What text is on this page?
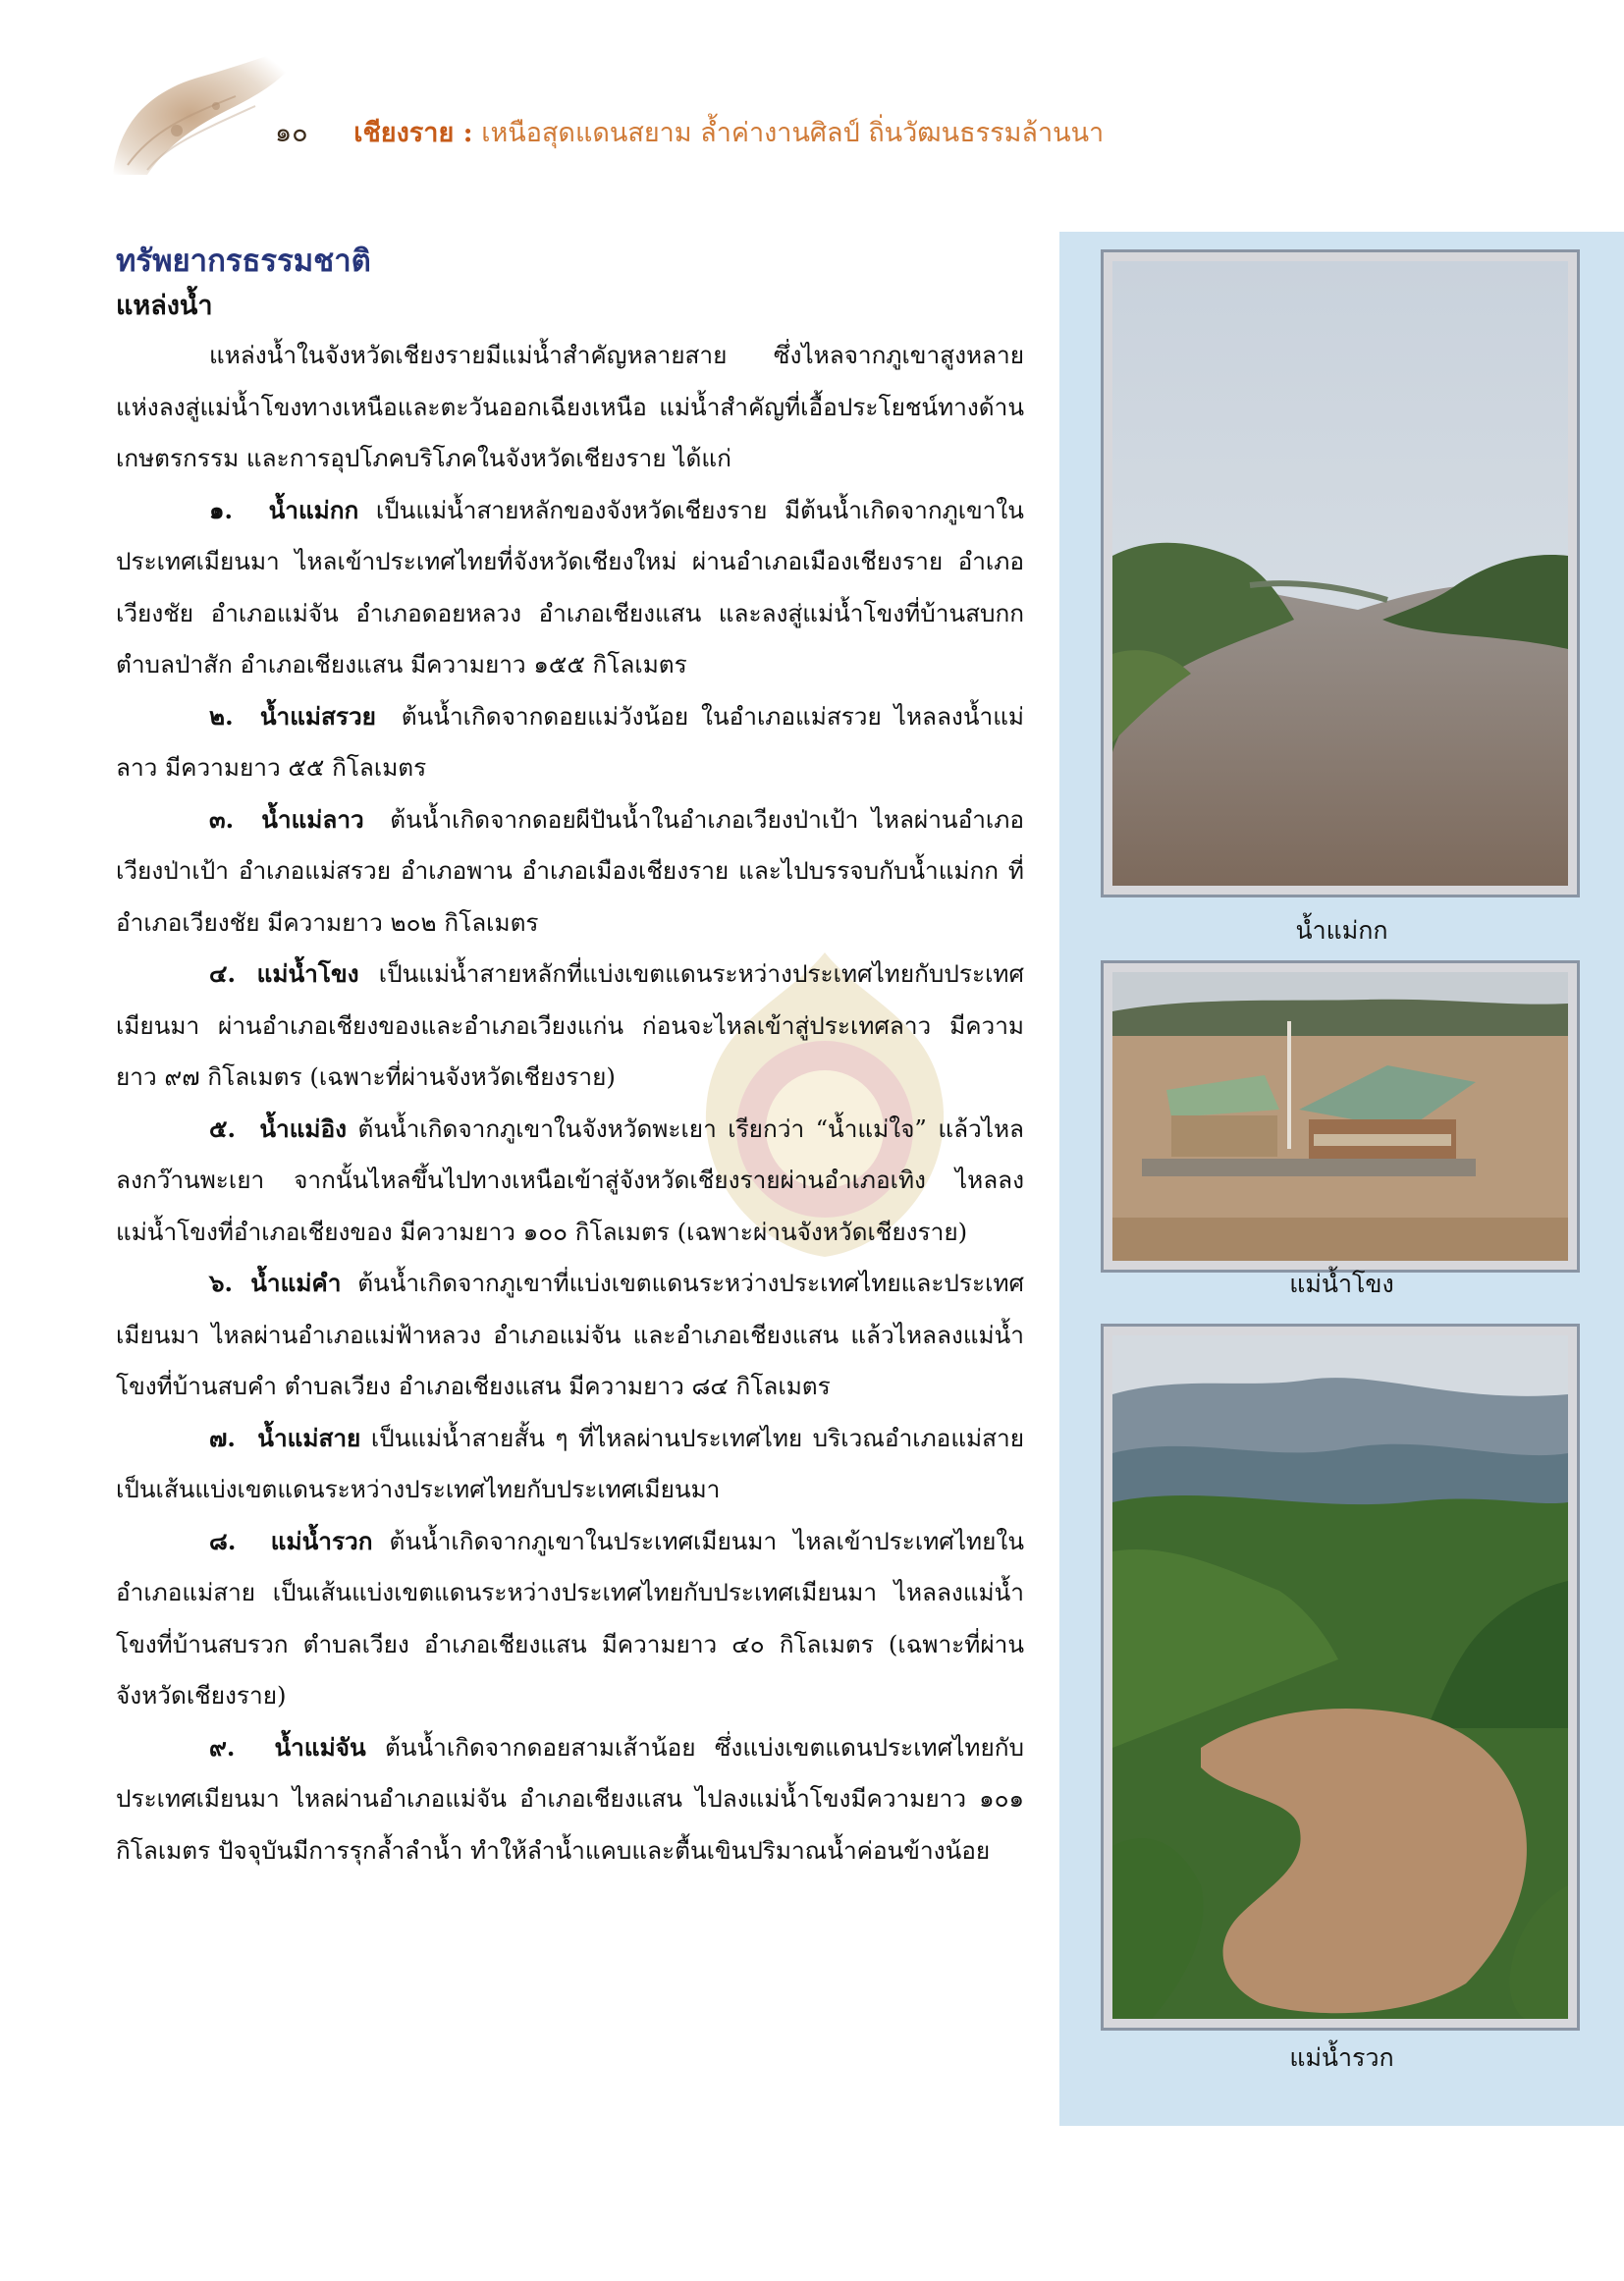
๑๐ เชียงราย : เหนือสุดแดนสยาม ล้ำค่างานศิลป์ ถิ่นวัฒนธรรมล้านนา
ทรัพยากรธรรมชาติ
แหล่งน้ำ

แหล่งน้ำในจังหวัดเชียงรายมีแม่น้ำสำคัญหลายสาย ซึ่งไหลจากภูเขาสูงหลายแห่งลงสู่แม่น้ำโขงทางเหนือและตะวันออกเฉียงเหนือ แม่น้ำสำคัญที่เอื้อประโยชน์ทางด้านเกษตรกรรม และการอุปโภคบริโภคในจังหวัดเชียงราย ได้แก่

๑. น้ำแม่กก เป็นแม่น้ำสายหลักของจังหวัดเชียงราย มีต้นน้ำเกิดจากภูเขาในประเทศเมียนมา ไหลเข้าประเทศไทยที่จังหวัดเชียงใหม่ ผ่านอำเภอเมืองเชียงราย อำเภอเวียงชัย อำเภอแม่จัน อำเภอดอยหลวง อำเภอเชียงแสน และลงสู่แม่น้ำโขงที่บ้านสบกก ตำบลป่าสัก อำเภอเชียงแสน มีความยาว ๑๕๕ กิโลเมตร

๒. น้ำแม่สรวย ต้นน้ำเกิดจากดอยแม่วังน้อย ในอำเภอแม่สรวย ไหลลงน้ำแม่ลาว มีความยาว ๕๕ กิโลเมตร

๓. น้ำแม่ลาว ต้นน้ำเกิดจากดอยผีปันน้ำในอำเภอเวียงป่าเป้า ไหลผ่านอำเภอเวียงป่าเป้า อำเภอแม่สรวย อำเภอพาน อำเภอเมืองเชียงราย และไปบรรจบกับน้ำแม่กก ที่อำเภอเวียงชัย มีความยาว ๒๐๒ กิโลเมตร

๔. แม่น้ำโขง เป็นแม่น้ำสายหลักที่แบ่งเขตแดนระหว่างประเทศไทยกับประเทศเมียนมา ผ่านอำเภอเชียงของและอำเภอเวียงแก่น ก่อนจะไหลเข้าสู่ประเทศลาว มีความยาว ๙๗ กิโลเมตร (เฉพาะที่ผ่านจังหวัดเชียงราย)

๕. น้ำแม่อิง ต้นน้ำเกิดจากภูเขาในจังหวัดพะเยา เรียกว่า “น้ำแม่ใจ” แล้วไหลลงกว๊านพะเยา จากนั้นไหลขึ้นไปทางเหนือเข้าสู่จังหวัดเชียงรายผ่านอำเภอเทิง ไหลลงแม่น้ำโขงที่อำเภอเชียงของ มีความยาว ๑๐๐ กิโลเมตร (เฉพาะผ่านจังหวัดเชียงราย)

๖. น้ำแม่คำ ต้นน้ำเกิดจากภูเขาที่แบ่งเขตแดนระหว่างประเทศไทยและประเทศเมียนมา ไหลผ่านอำเภอแม่ฟ้าหลวง อำเภอแม่จัน และอำเภอเชียงแสน แล้วไหลลงแม่น้ำโขงที่บ้านสบคำ ตำบลเวียง อำเภอเชียงแสน มีความยาว ๘๔ กิโลเมตร

๗. น้ำแม่สาย เป็นแม่น้ำสายสั้น ๆ ที่ไหลผ่านประเทศไทย บริเวณอำเภอแม่สาย เป็นเส้นแบ่งเขตแดนระหว่างประเทศไทยกับประเทศเมียนมา

๘. แม่น้ำรวก ต้นน้ำเกิดจากภูเขาในประเทศเมียนมา ไหลเข้าประเทศไทยในอำเภอแม่สาย เป็นเส้นแบ่งเขตแดนระหว่างประเทศไทยกับประเทศเมียนมา ไหลลงแม่น้ำโขงที่บ้านสบรวก ตำบลเวียง อำเภอเชียงแสน มีความยาว ๔๐ กิโลเมตร (เฉพาะที่ผ่านจังหวัดเชียงราย)

๙. น้ำแม่จัน ต้นน้ำเกิดจากดอยสามเส้าน้อย ซึ่งแบ่งเขตแดนประเทศไทยกับประเทศเมียนมา ไหลผ่านอำเภอแม่จัน อำเภอเชียงแสน ไปลงแม่น้ำโขงมีความยาว ๑๐๑ กิโลเมตร ปัจจุบันมีการรุกล้ำลำน้ำ ทำให้ลำน้ำแคบและตื้นเขินปริมาณน้ำค่อนข้างน้อย

น้ำแม่กก
แม่น้ำโขง
แม่น้ำรวก
